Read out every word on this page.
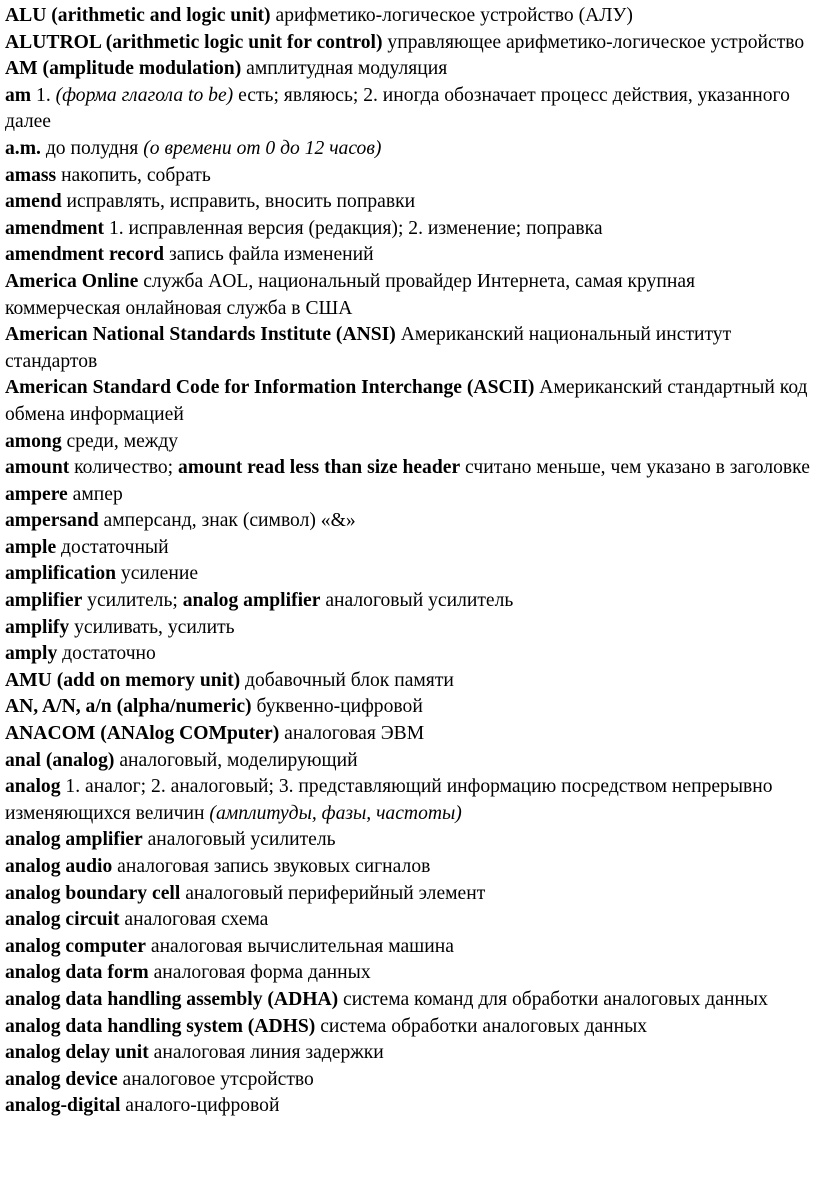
ALU (arithmetic and logic unit) арифметико-логическое устройство (АЛУ)
ALUTROL (arithmetic logic unit for control) управляющее арифметико-логическое устройство
AM (amplitude modulation) амплитудная модуляция
am 1. (форма глагола to be) есть; являюсь; 2. иногда обозначает процесс действия, указанного далее
a.m. до полудня (о времени от 0 до 12 часов)
amass накопить, собрать
amend исправлять, исправить, вносить поправки
amendment 1. исправленная версия (редакция); 2. изменение; поправка
amendment record запись файла изменений
America Online служба AOL, национальный провайдер Интернета, самая крупная коммерческая онлайновая служба в США
American National Standards Institute (ANSI) Американский национальный институт стандартов
American Standard Code for Information Interchange (ASCII) Американский стандартный код обмена информацией
among среди, между
amount количество; amount read less than size header считано меньше, чем указано в заголовке
ampere ампер
ampersand амперсанд, знак (символ) «&»
ample достаточный
amplification усиление
amplifier усилитель; analog amplifier аналоговый усилитель
amplify усиливать, усилить
amply достаточно
AMU (add on memory unit) добавочный блок памяти
AN, A/N, a/n (alpha/numeric) буквенно-цифровой
ANACOM (ANAlog COMputer) аналоговая ЭВМ
anal (analog) аналоговый, моделирующий
analog 1. аналог; 2. аналоговый; 3. представляющий информацию посредством непрерывно изменяющихся величин (амплитуды, фазы, частоты)
analog amplifier аналоговый усилитель
analog audio аналоговая запись звуковых сигналов
analog boundary cell аналоговый периферийный элемент
analog circuit аналоговая схема
analog computer аналоговая вычислительная машина
analog data form аналоговая форма данных
analog data handling assembly (ADHA) система команд для обработки аналоговых данных
analog data handling system (ADHS) система обработки аналоговых данных
analog delay unit аналоговая линия задержки
analog device аналоговое утсройство
analog-digital аналого-цифровой
